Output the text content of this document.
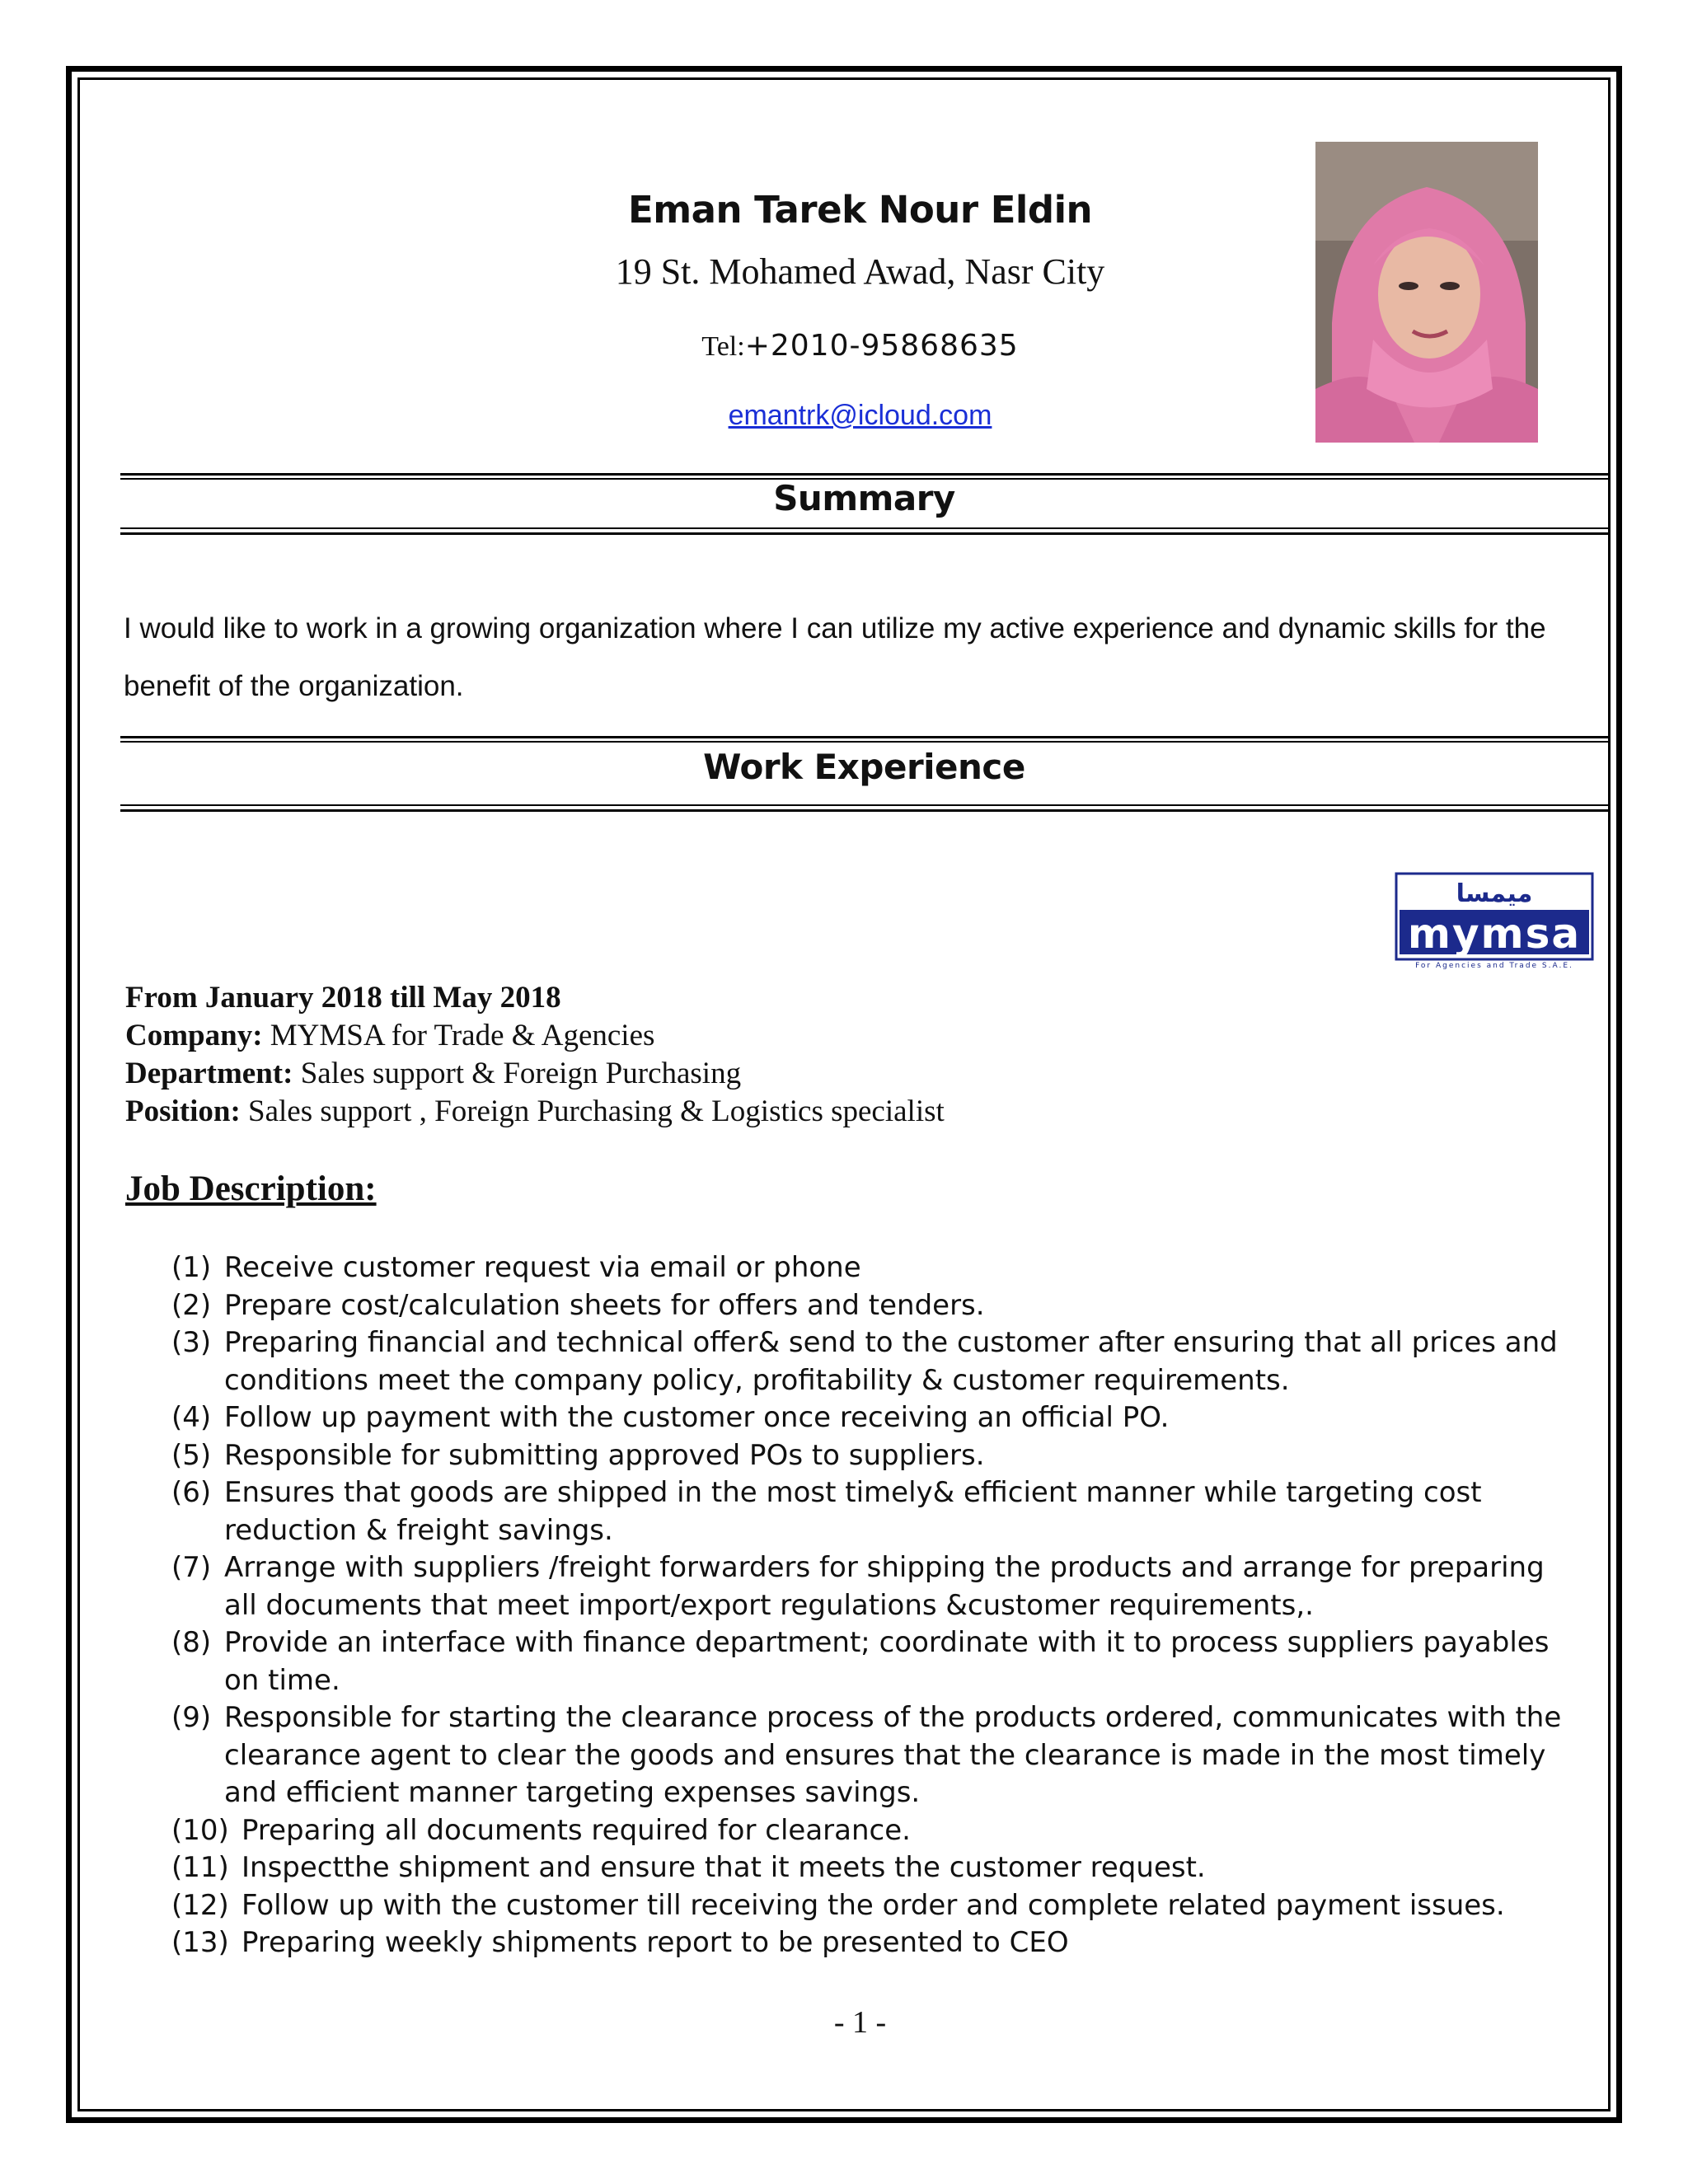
Eman Tarek Nour Eldin
19 St. Mohamed Awad, Nasr City
Tel:+2010-95868635
emantrk@icloud.com
Summary
I would like to work in a growing organization where I can utilize my active experience and dynamic skills for the benefit of the organization.
Work Experience
ميمسا
mymsa
For Agencies and Trade S.A.E.
From January 2018 till May 2018
Company: MYMSA for Trade & Agencies
Department: Sales support & Foreign Purchasing
Position: Sales support , Foreign Purchasing & Logistics specialist
Job Description:
(1) Receive customer request via email or phone
(2) Prepare cost/calculation sheets for offers and tenders.
(3) Preparing financial and technical offer& send to the customer after ensuring that all prices and conditions meet the company policy, profitability & customer requirements.
(4) Follow up payment with the customer once receiving an official PO.
(5) Responsible for submitting approved POs to suppliers.
(6) Ensures that goods are shipped in the most timely& efficient manner while targeting cost reduction & freight savings.
(7) Arrange with suppliers /freight forwarders for shipping the products and arrange for preparing all documents that meet import/export regulations &customer requirements,.
(8) Provide an interface with finance department; coordinate with it to process suppliers payables on time.
(9) Responsible for starting the clearance process of the products ordered, communicates with the clearance agent to clear the goods and ensures that the clearance is made in the most timely and efficient manner targeting expenses savings.
(10) Preparing all documents required for clearance.
(11) Inspectthe shipment and ensure that it meets the customer request.
(12) Follow up with the customer till receiving the order and complete related payment issues.
(13) Preparing weekly shipments report to be presented to CEO
- 1 -
